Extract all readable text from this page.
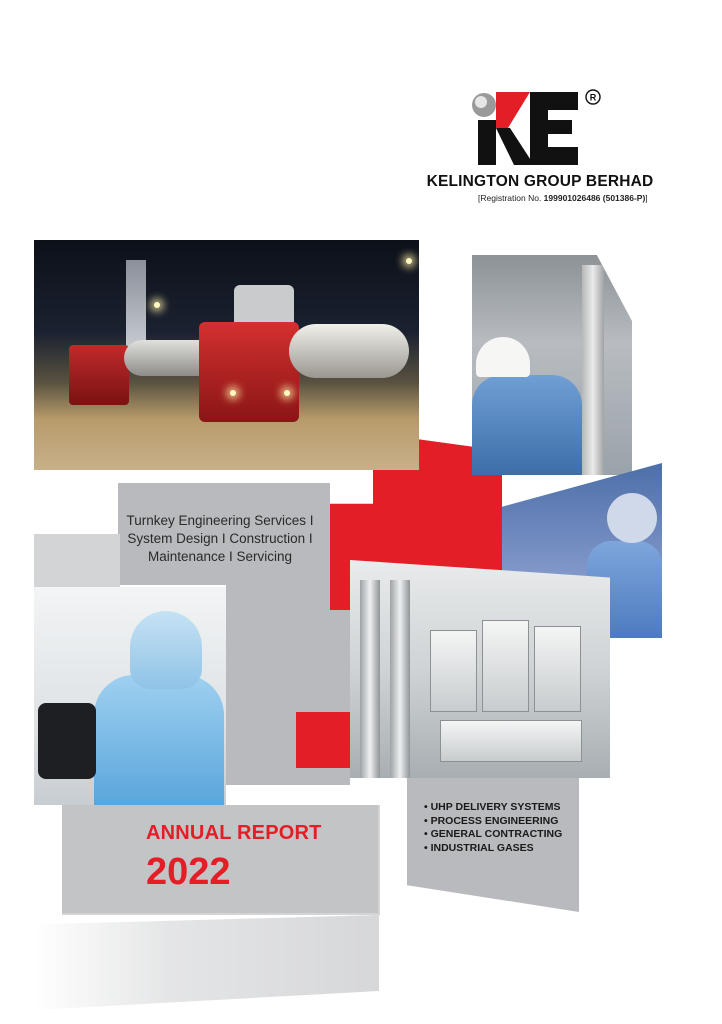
R
KELINGTON GROUP BERHAD
[Registration No. 199901026486 (501386-P)]
Turnkey Engineering Services I
System Design I Construction I
Maintenance I Servicing
ANNUAL REPORT
2022
• UHP DELIVERY SYSTEMS
• PROCESS ENGINEERING
• GENERAL CONTRACTING
• INDUSTRIAL GASES
